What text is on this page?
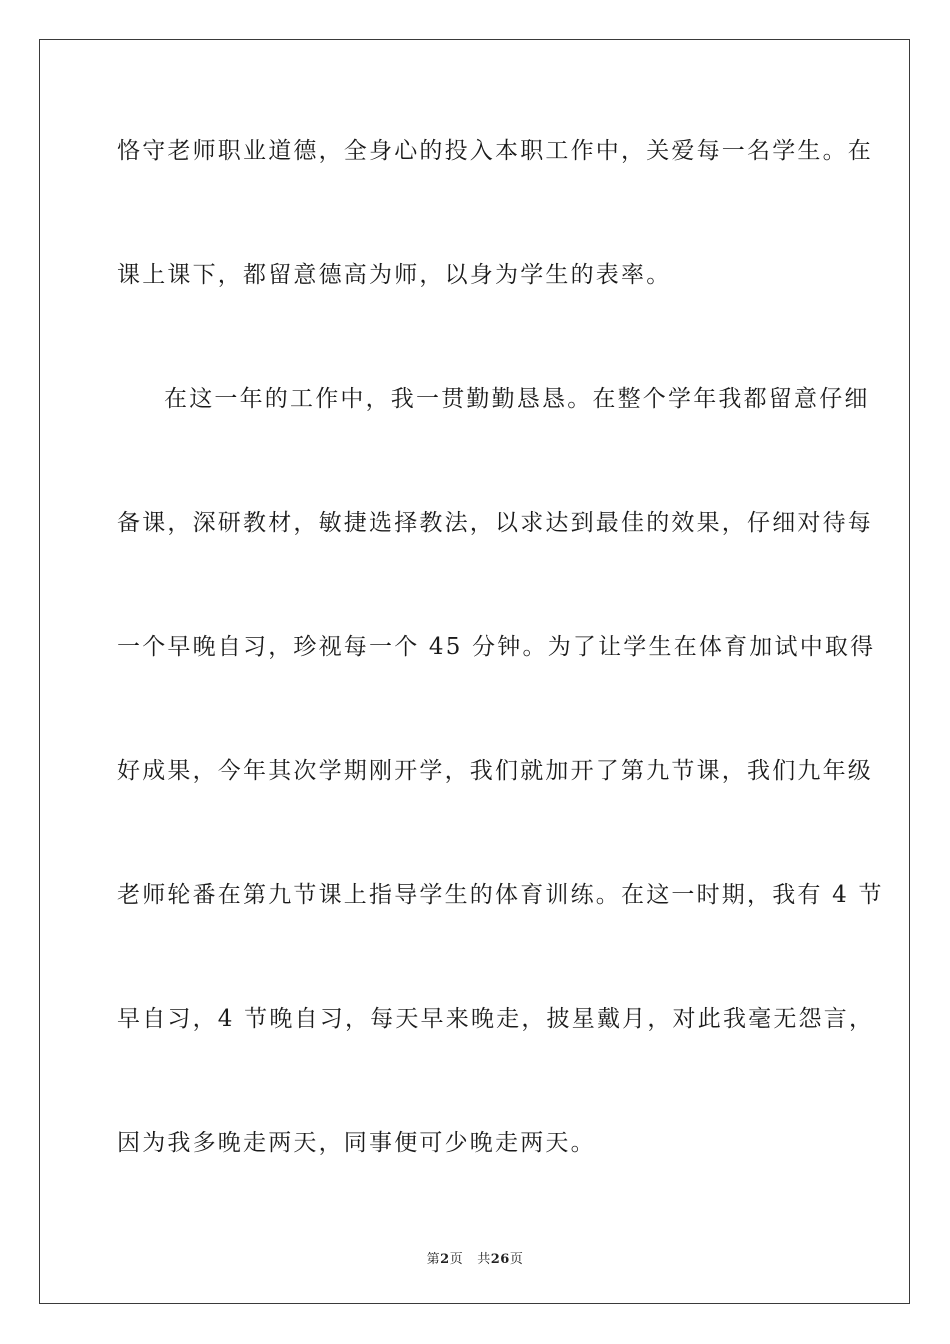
恪守老师职业道德，全身心的投入本职工作中，关爱每一名学生。在
课上课下，都留意德高为师，以身为学生的表率。
在这一年的工作中，我一贯勤勤恳恳。在整个学年我都留意仔细
备课，深研教材，敏捷选择教法，以求达到最佳的效果，仔细对待每
一个早晚自习，珍视每一个 45 分钟。为了让学生在体育加试中取得
好成果，今年其次学期刚开学，我们就加开了第九节课，我们九年级
老师轮番在第九节课上指导学生的体育训练。在这一时期，我有 4 节
早自习，4 节晚自习，每天早来晚走，披星戴月，对此我毫无怨言，
因为我多晚走两天，同事便可少晚走两天。
第2页 共26页
